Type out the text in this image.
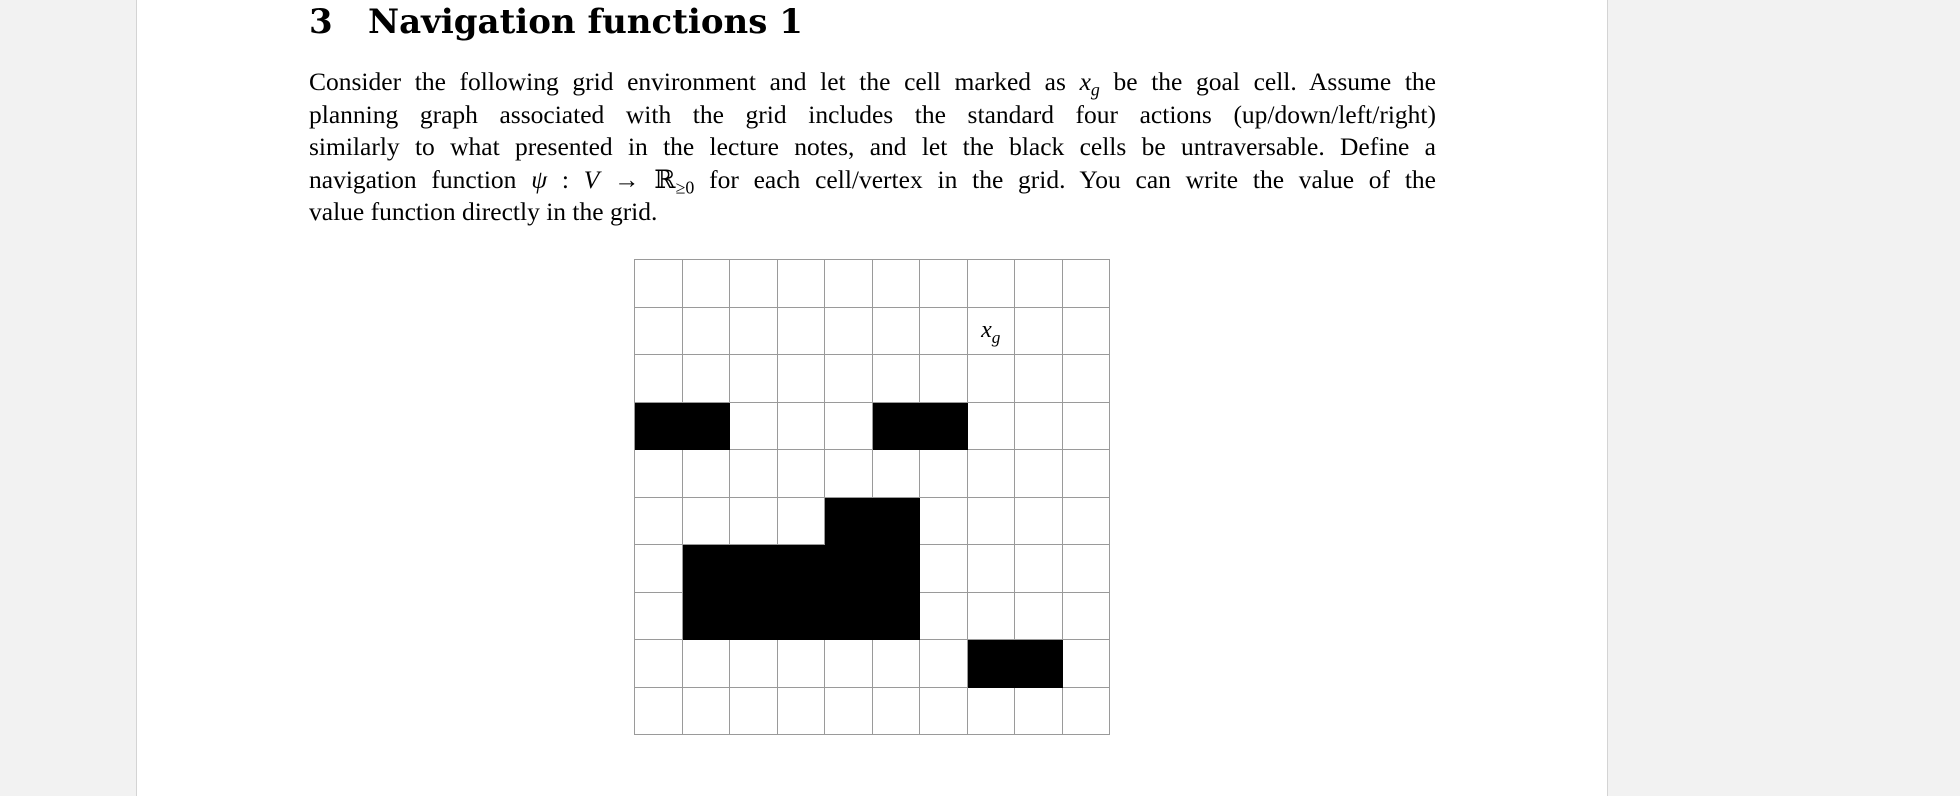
3 Navigation functions 1

Consider the following grid environment and let the cell marked as $x_g$ be the goal cell. Assume the
planning graph associated with the grid includes the standard four actions (up/down/left/right)
similarly to what presented in the lecture notes, and let the black cells be untraversable. Define a
navigation function ψ : V → ℝ$_{\ge 0}$ for each cell/vertex in the grid. You can write the value of the
value function directly in the grid.

$x_g$
